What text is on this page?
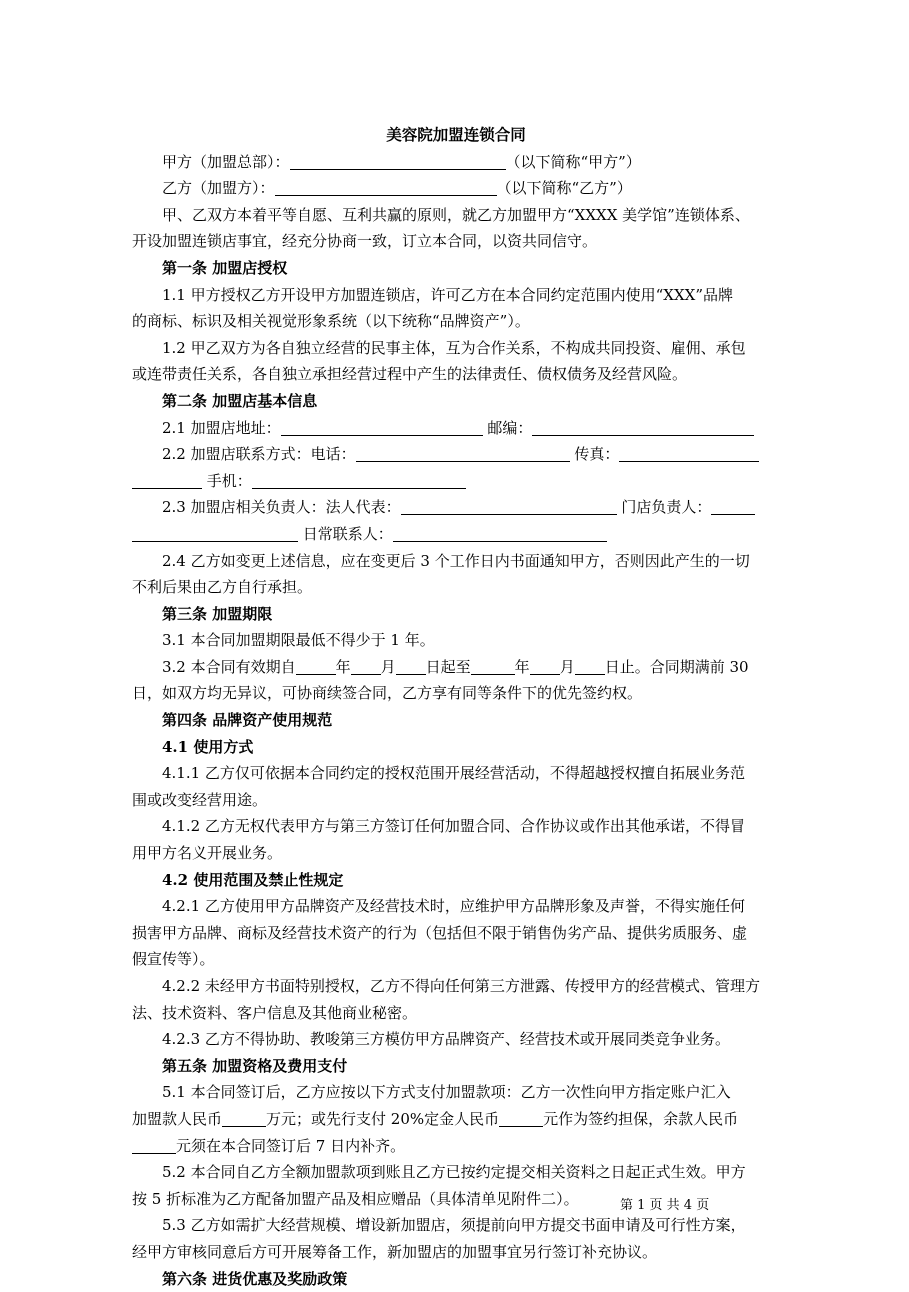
美容院加盟连锁合同
甲方（加盟总部）：	（以下简称“甲方”）
乙方（加盟方）：	（以下简称“乙方”）
甲、乙双方本着平等自愿、互利共赢的原则，就乙方加盟甲方“XXXX 美学馆”连锁体系、
开设加盟连锁店事宜，经充分协商一致，订立本合同，以资共同信守。
第一条 加盟店授权
1.1 甲方授权乙方开设甲方加盟连锁店，许可乙方在本合同约定范围内使用“XXX”品牌
的商标、标识及相关视觉形象系统（以下统称“品牌资产”）。
1.2 甲乙双方为各自独立经营的民事主体，互为合作关系，不构成共同投资、雇佣、承包
或连带责任关系，各自独立承担经营过程中产生的法律责任、债权债务及经营风险。
第二条 加盟店基本信息
2.1 加盟店地址：	邮编：
2.2 加盟店联系方式：电话：	传真：
手机：
2.3 加盟店相关负责人：法人代表：	门店负责人：
日常联系人：
2.4 乙方如变更上述信息，应在变更后 3 个工作日内书面通知甲方，否则因此产生的一切
不利后果由乙方自行承担。
第三条 加盟期限
3.1 本合同加盟期限最低不得少于 1 年。
3.2 本合同有效期自	年 月 日起至	年 月 日止。合同期满前 30
日，如双方均无异议，可协商续签合同，乙方享有同等条件下的优先签约权。
第四条 品牌资产使用规范
4.1 使用方式
4.1.1 乙方仅可依据本合同约定的授权范围开展经营活动，不得超越授权擅自拓展业务范
围或改变经营用途。
4.1.2 乙方无权代表甲方与第三方签订任何加盟合同、合作协议或作出其他承诺，不得冒
用甲方名义开展业务。
4.2 使用范围及禁止性规定
4.2.1 乙方使用甲方品牌资产及经营技术时，应维护甲方品牌形象及声誉，不得实施任何
损害甲方品牌、商标及经营技术资产的行为（包括但不限于销售伪劣产品、提供劣质服务、虚
假宣传等）。
4.2.2 未经甲方书面特别授权，乙方不得向任何第三方泄露、传授甲方的经营模式、管理方
法、技术资料、客户信息及其他商业秘密。
4.2.3 乙方不得协助、教唆第三方模仿甲方品牌资产、经营技术或开展同类竞争业务。
第五条 加盟资格及费用支付
5.1 本合同签订后，乙方应按以下方式支付加盟款项：乙方一次性向甲方指定账户汇入
加盟款人民币	万元；或先行支付 20%定金人民币	元作为签约担保，余款人民币
元须在本合同签订后 7 日内补齐。
5.2 本合同自乙方全额加盟款项到账且乙方已按约定提交相关资料之日起正式生效。甲方
按 5 折标准为乙方配备加盟产品及相应赠品（具体清单见附件二）。
5.3 乙方如需扩大经营规模、增设新加盟店，须提前向甲方提交书面申请及可行性方案，
经甲方审核同意后方可开展筹备工作，新加盟店的加盟事宜另行签订补充协议。
第六条 进货优惠及奖励政策
第 1 页 共 4 页
